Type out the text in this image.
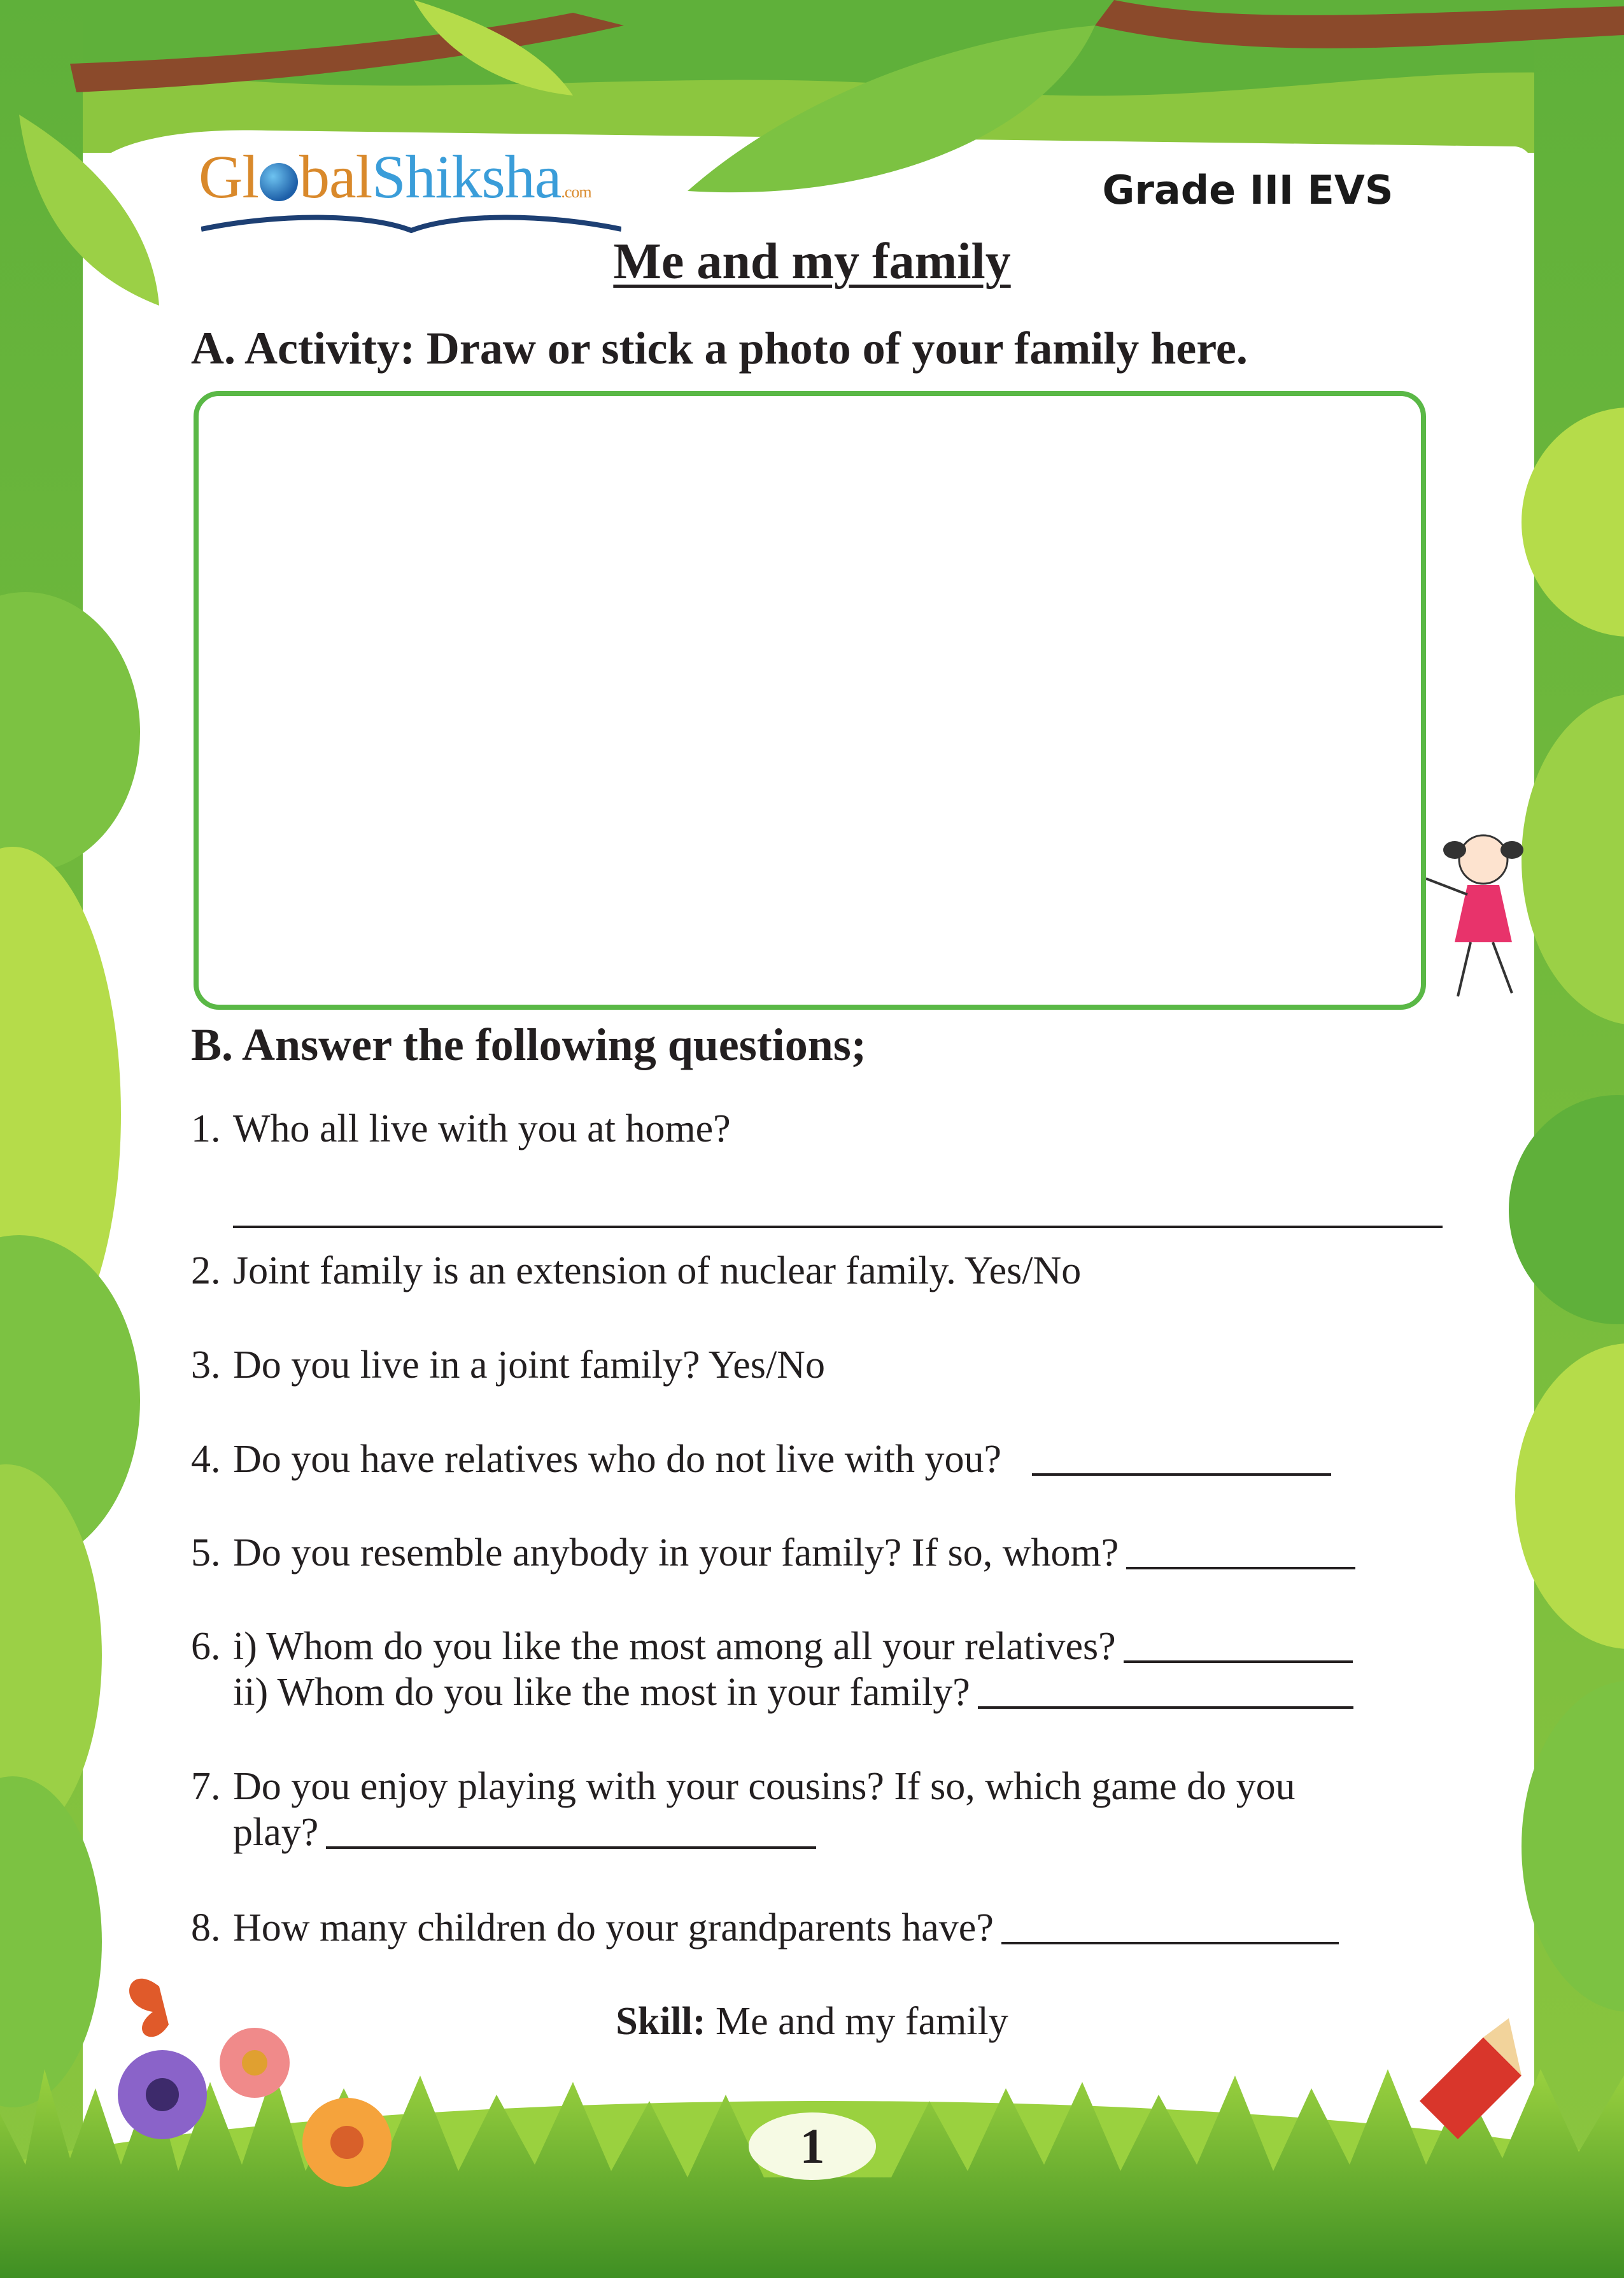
Gl balShiksha.com	Grade III EVS
Me and my family
A. Activity: Draw or stick a photo of your family here.
B. Answer the following questions;
1. Who all live with you at home?
2. Joint family is an extension of nuclear family. Yes/No
3. Do you live in a joint family? Yes/No
4. Do you have relatives who do not live with you?
5. Do you resemble anybody in your family? If so, whom?
6. i) Whom do you like the most among all your relatives?
ii) Whom do you like the most in your family?
7. Do you enjoy playing with your cousins? If so, which game do you
play?
8. How many children do your grandparents have?
Skill: Me and my family
1
